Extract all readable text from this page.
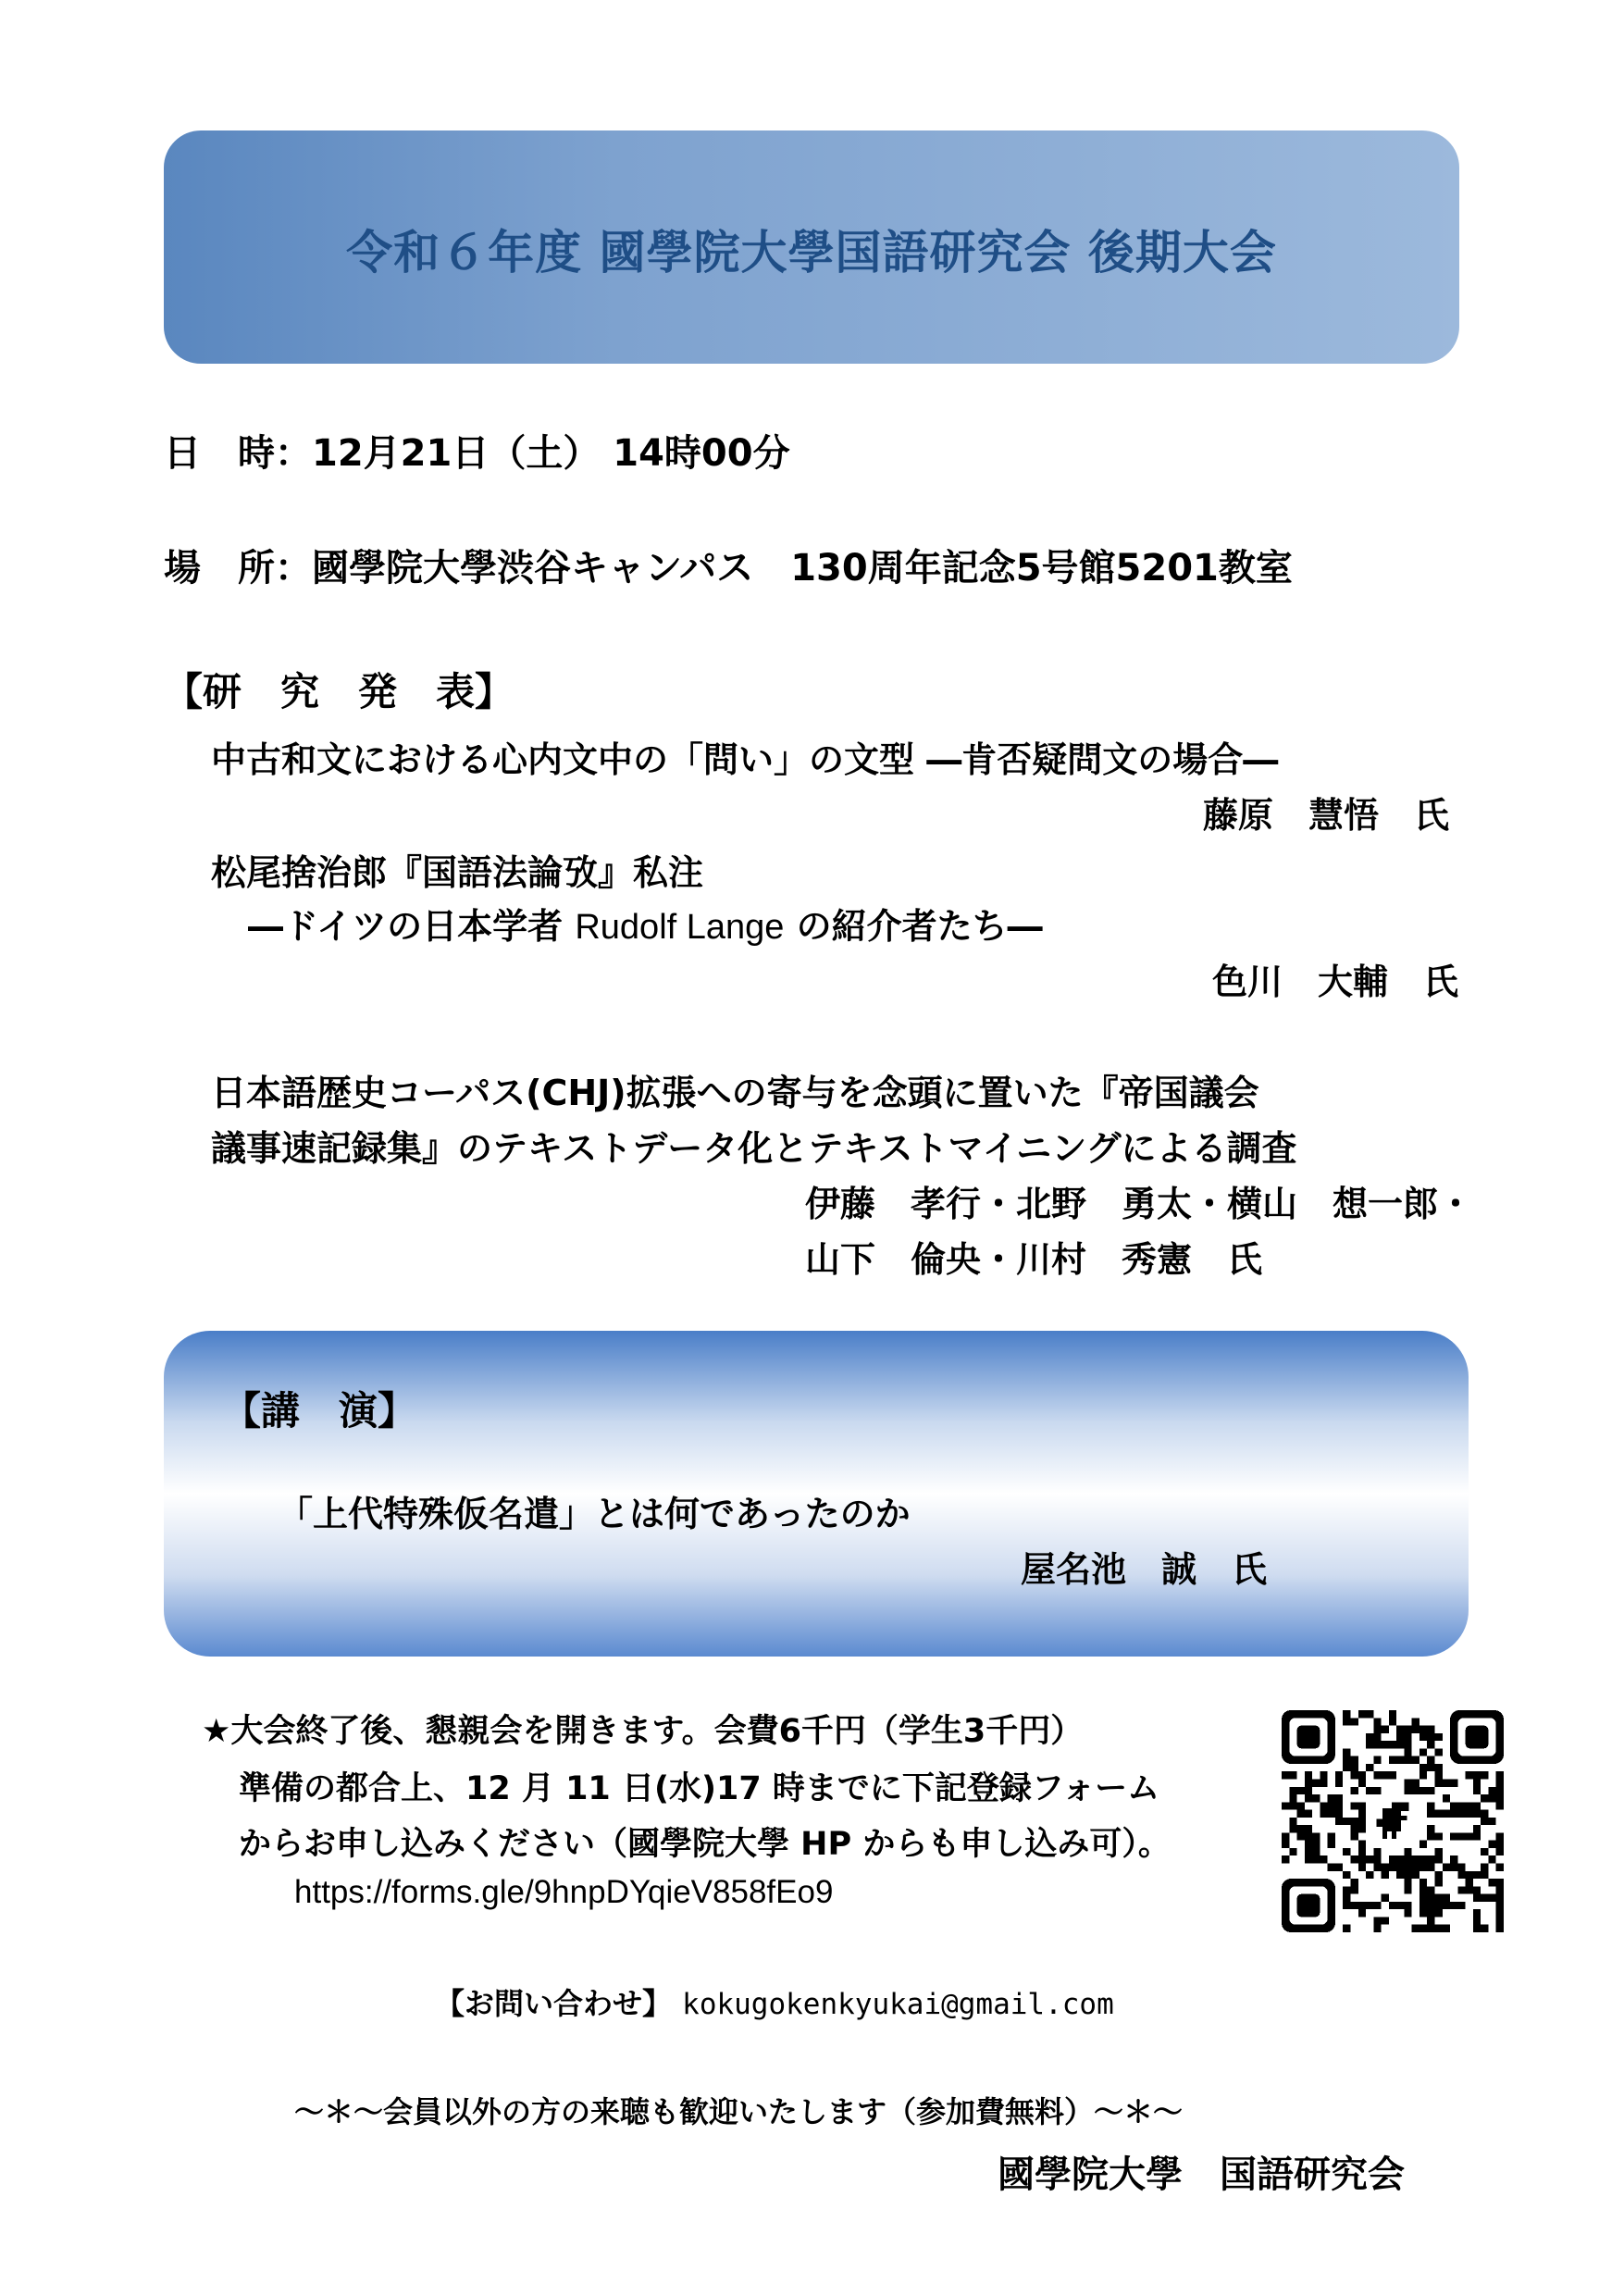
令和６年度 國學院大學国語研究会 後期大会
日　時：12月21日（土） 14時00分
場　所：國學院大學渋谷キャンパス　130周年記念5号館5201教室
【研　究　発　表】
中古和文における心内文中の「問い」の文型 ―肯否疑問文の場合―
藤原　慧悟　氏
松尾捨治郎『国語法論攷』私注
―ドイツの日本学者 Rudolf Lange の紹介者たち―
色川　大輔　氏
日本語歴史コーパス(CHJ)拡張への寄与を念頭に置いた『帝国議会
議事速記録集』のテキストデータ化とテキストマイニングによる調査
伊藤　孝行・北野　勇太・横山　想一郎・
山下　倫央・川村　秀憲　氏
【講　演】
「上代特殊仮名遣」とは何であったのか
屋名池　誠　氏
★大会終了後、懇親会を開きます。会費6千円（学生3千円）
準備の都合上、12 月 11 日(水)17 時までに下記登録フォーム
からお申し込みください（國學院大學 HP からも申し込み可）。
https://forms.gle/9hnpDYqieV858fEo9
【お問い合わせ】 kokugokenkyukai@gmail.com
～＊～会員以外の方の来聴も歓迎いたします（参加費無料）～＊～
國學院大學　国語研究会
